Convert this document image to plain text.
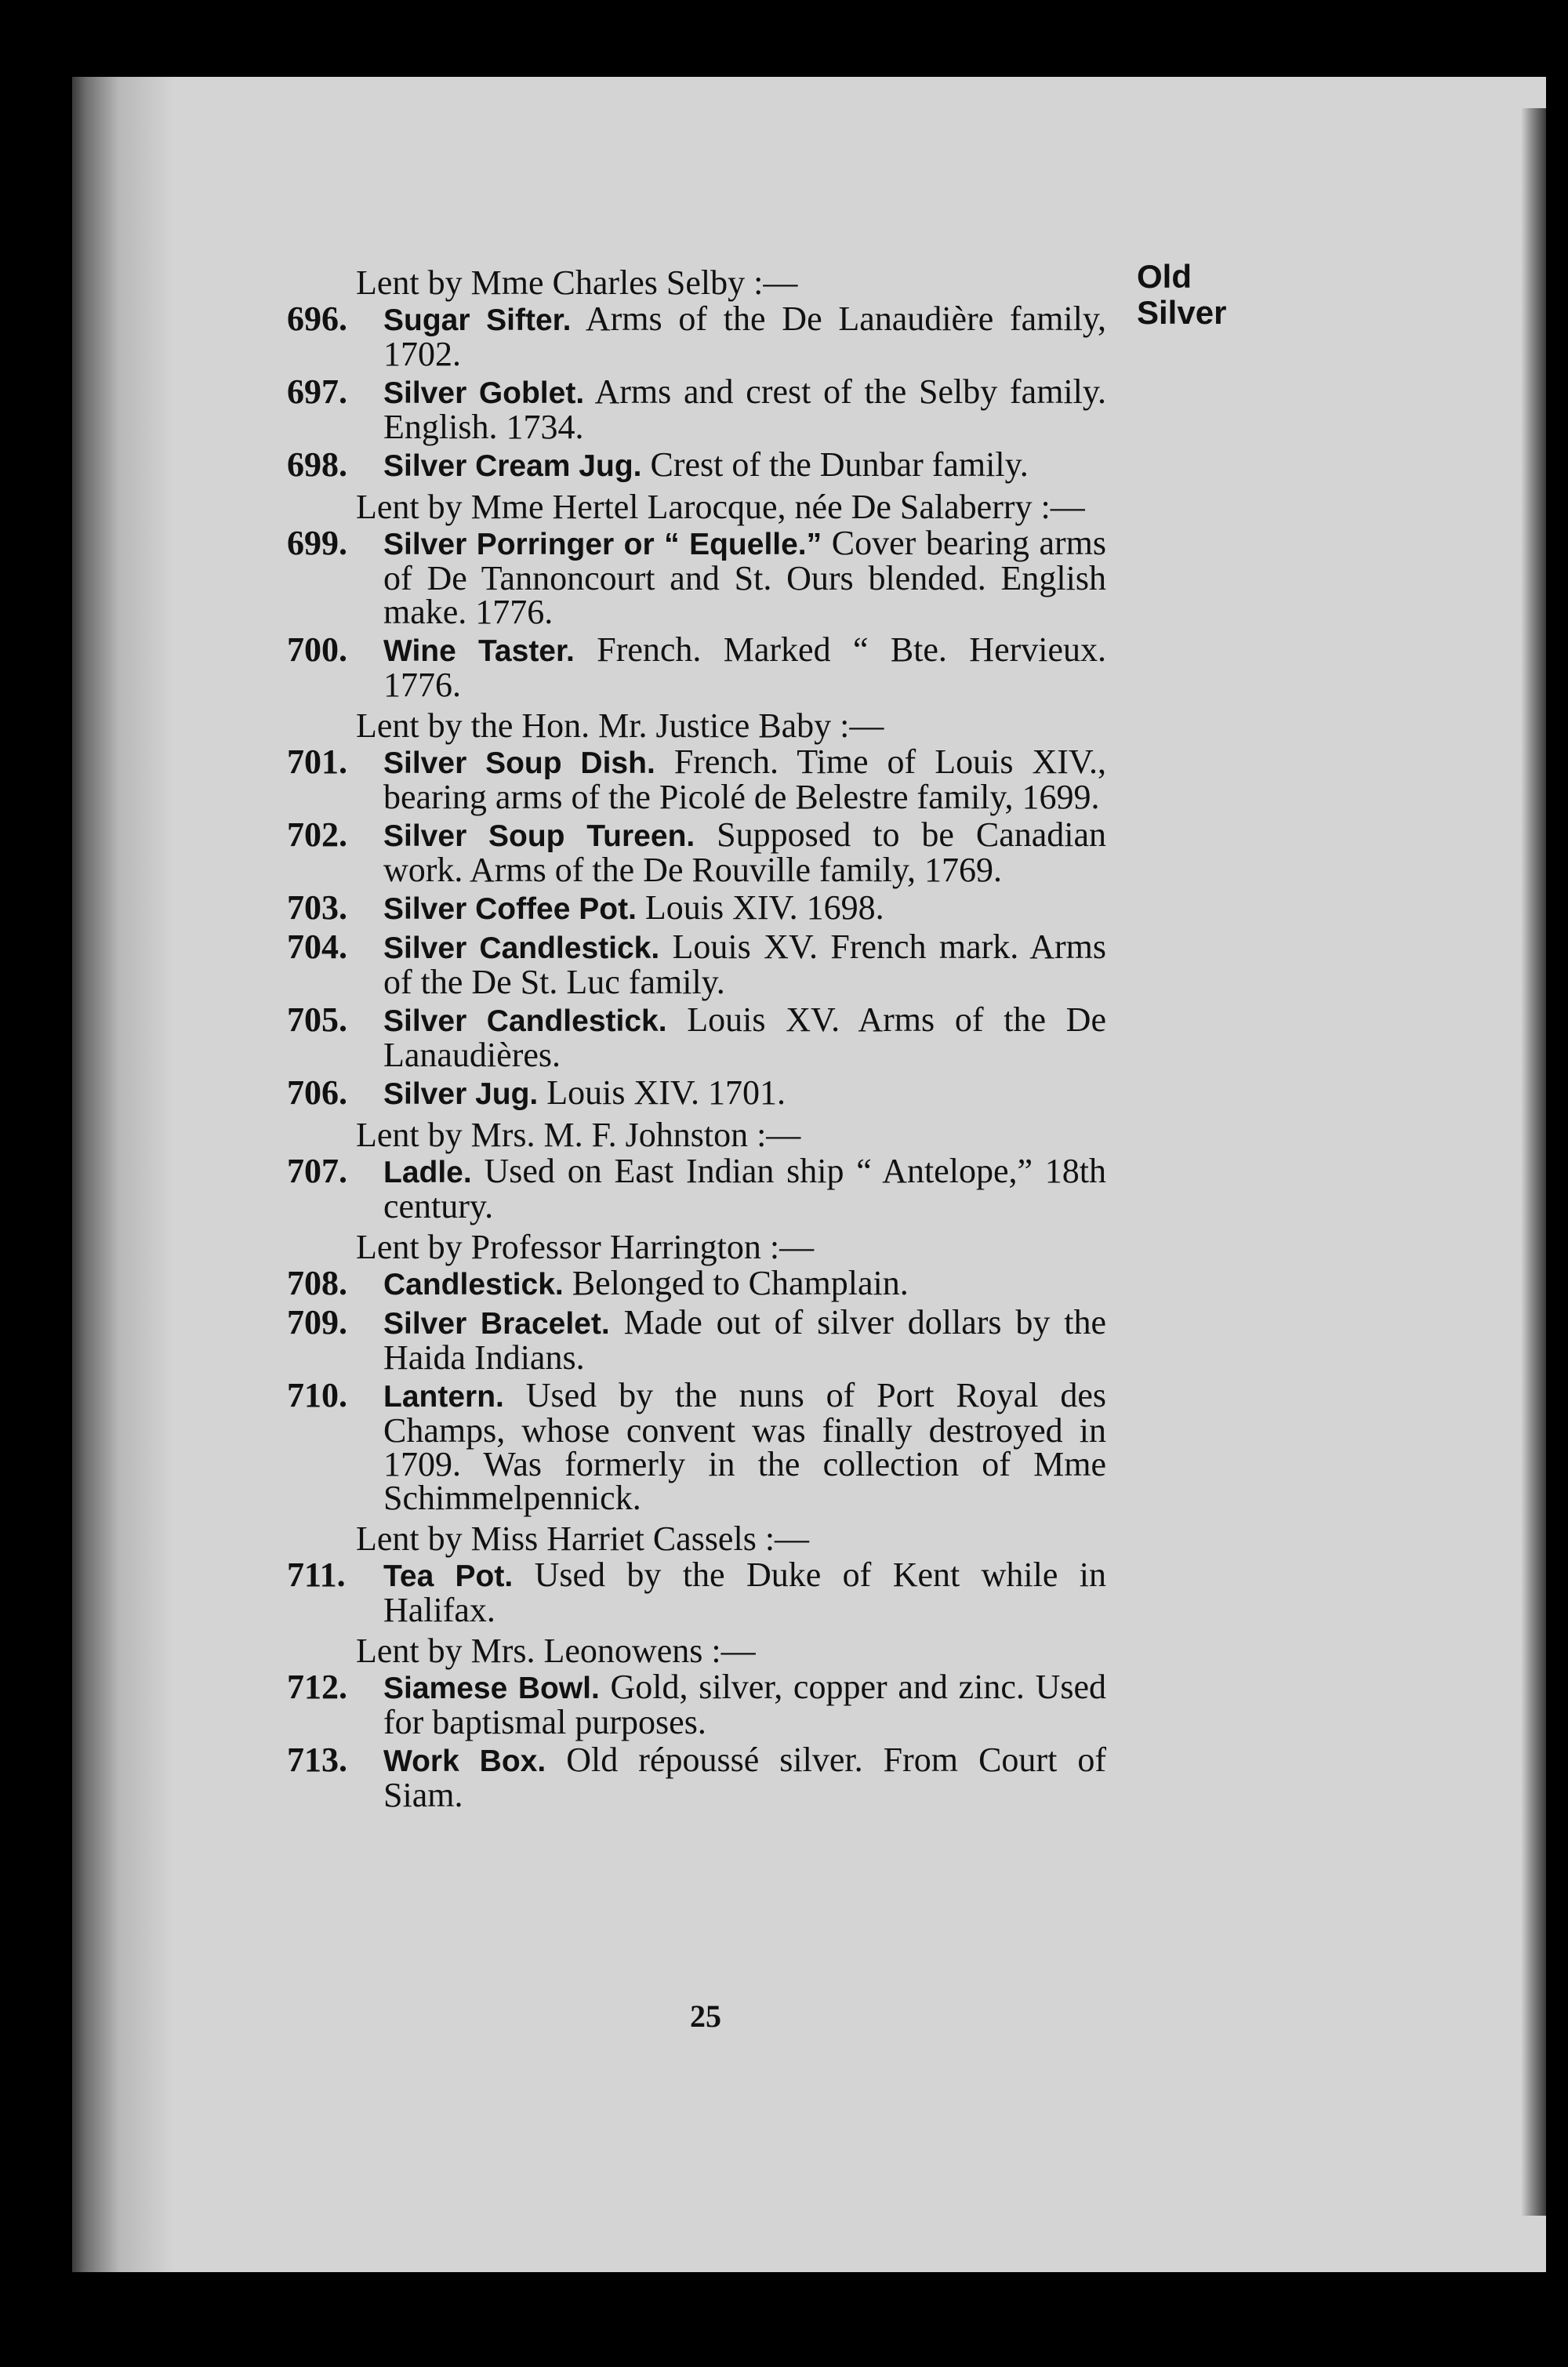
Old
Silver
Lent by Mme Charles Selby :—
696. Sugar Sifter. Arms of the De Lanaudière family, 1702.
697. Silver Goblet. Arms and crest of the Selby family. English. 1734.
698. Silver Cream Jug. Crest of the Dunbar family.
Lent by Mme Hertel Larocque, née De Salaberry :—
699. Silver Porringer or “ Equelle.” Cover bearing arms of De Tannoncourt and St. Ours blended. English make. 1776.
700. Wine Taster. French. Marked “ Bte. Hervieux. 1776.
Lent by the Hon. Mr. Justice Baby :—
701. Silver Soup Dish. French. Time of Louis XIV., bearing arms of the Picolé de Belestre family, 1699.
702. Silver Soup Tureen. Supposed to be Canadian work. Arms of the De Rouville family, 1769.
703. Silver Coffee Pot. Louis XIV. 1698.
704. Silver Candlestick. Louis XV. French mark. Arms of the De St. Luc family.
705. Silver Candlestick. Louis XV. Arms of the De Lanaudières.
706. Silver Jug. Louis XIV. 1701.
Lent by Mrs. M. F. Johnston :—
707. Ladle. Used on East Indian ship “ Antelope,” 18th century.
Lent by Professor Harrington :—
708. Candlestick. Belonged to Champlain.
709. Silver Bracelet. Made out of silver dollars by the Haida Indians.
710. Lantern. Used by the nuns of Port Royal des Champs, whose convent was finally destroyed in 1709. Was formerly in the collection of Mme Schimmelpennick.
Lent by Miss Harriet Cassels :—
711. Tea Pot. Used by the Duke of Kent while in Halifax.
Lent by Mrs. Leonowens :—
712. Siamese Bowl. Gold, silver, copper and zinc. Used for baptismal purposes.
713. Work Box. Old répoussé silver. From Court of Siam.
25
